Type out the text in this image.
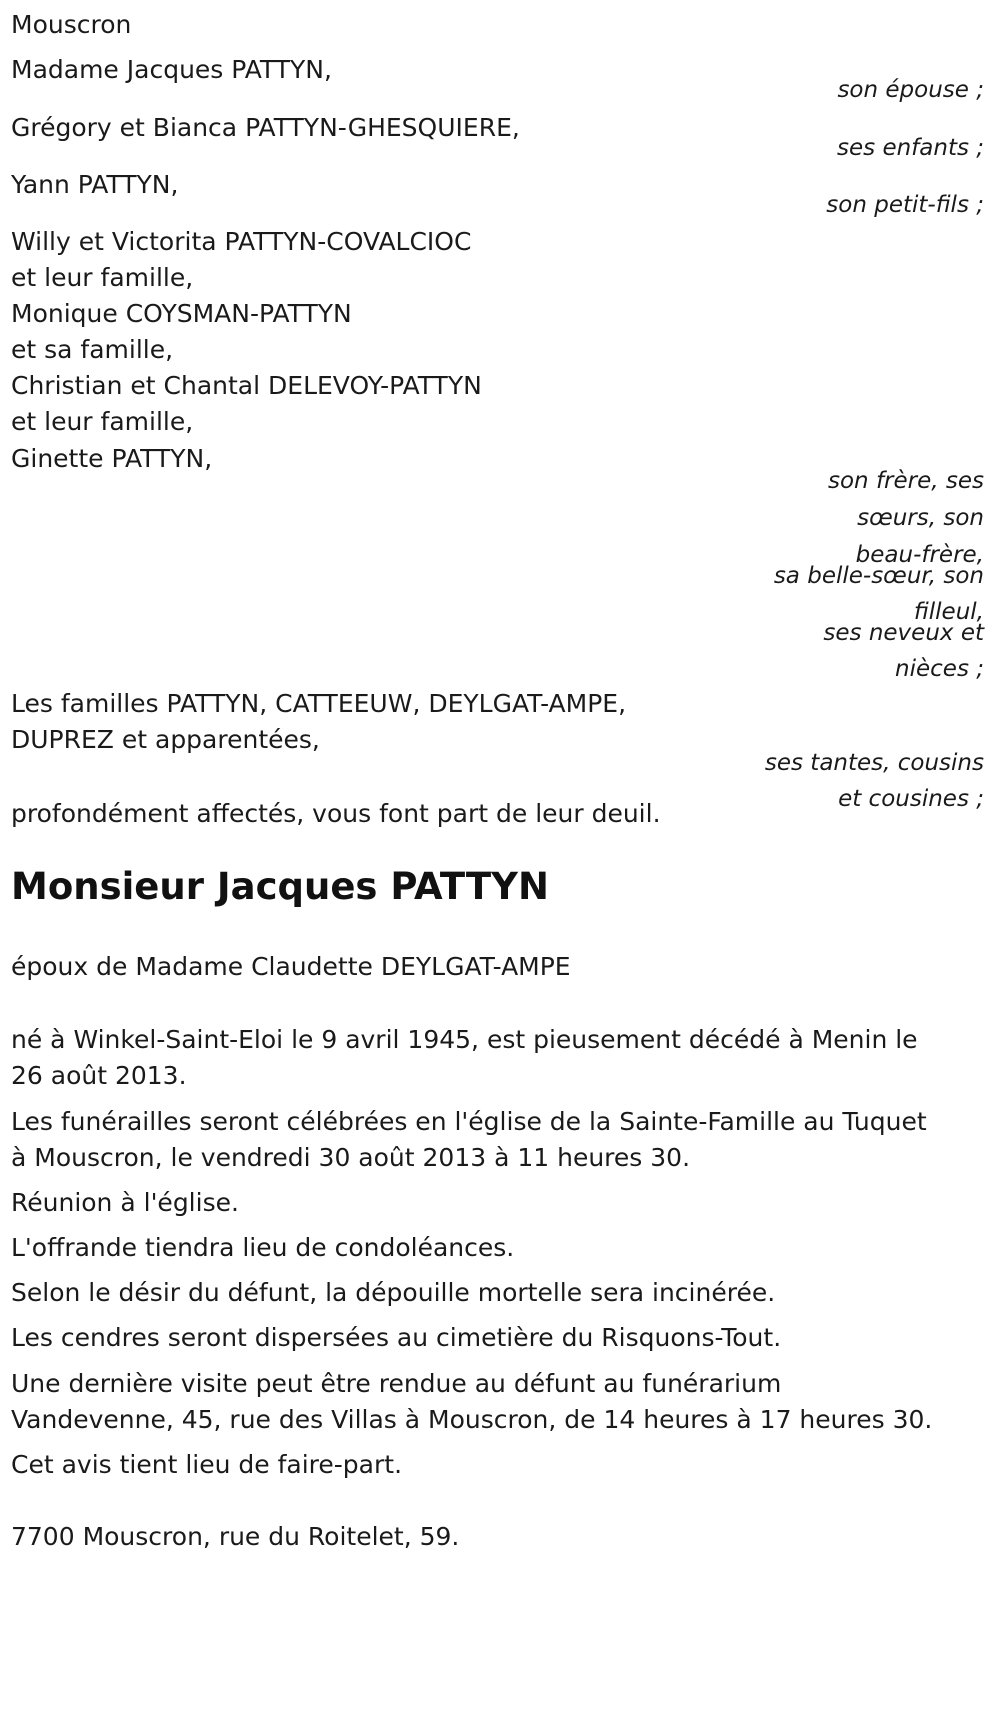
Mouscron
Madame Jacques PATTYN,
son épouse ;
Grégory et Bianca PATTYN-GHESQUIERE,
ses enfants ;
Yann PATTYN,
son petit-fils ;
Willy et Victorita PATTYN-COVALCIOC
et leur famille,
Monique COYSMAN-PATTYN
et sa famille,
Christian et Chantal DELEVOY-PATTYN
et leur famille,
Ginette PATTYN,
son frère, ses
sœurs, son
beau-frère,
sa belle-sœur, son
filleul,
ses neveux et
nièces ;
Les familles PATTYN, CATTEEUW, DEYLGAT-AMPE,
DUPREZ et apparentées,
ses tantes, cousins
et cousines ;
profondément affectés, vous font part de leur deuil.
Monsieur Jacques PATTYN
époux de Madame Claudette DEYLGAT-AMPE
né à Winkel-Saint-Eloi le 9 avril 1945, est pieusement décédé à Menin le
26 août 2013.
Les funérailles seront célébrées en l'église de la Sainte-Famille au Tuquet
à Mouscron, le vendredi 30 août 2013 à 11 heures 30.
Réunion à l'église.
L'offrande tiendra lieu de condoléances.
Selon le désir du défunt, la dépouille mortelle sera incinérée.
Les cendres seront dispersées au cimetière du Risquons-Tout.
Une dernière visite peut être rendue au défunt au funérarium
Vandevenne, 45, rue des Villas à Mouscron, de 14 heures à 17 heures 30.
Cet avis tient lieu de faire-part.
7700 Mouscron, rue du Roitelet, 59.
